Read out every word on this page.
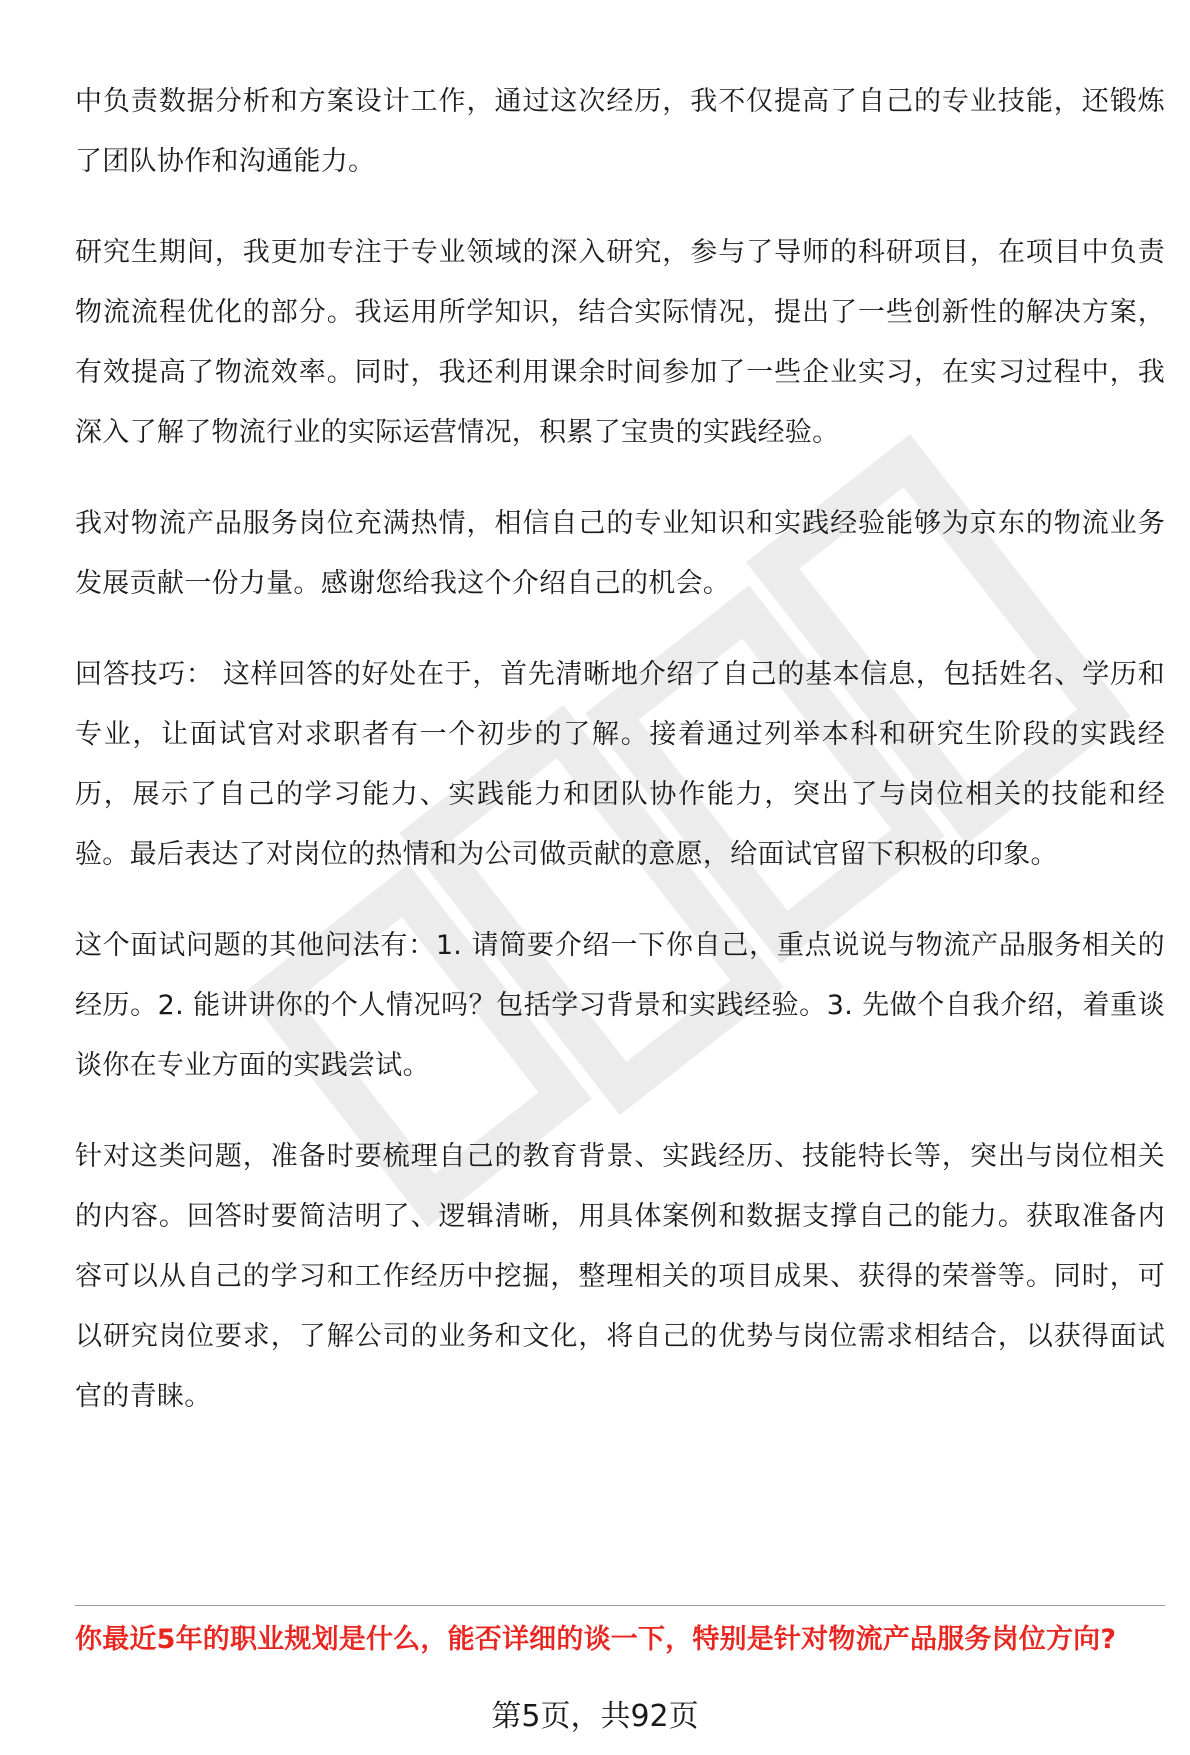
中负责数据分析和方案设计工作，通过这次经历，我不仅提高了自己的专业技能，还锻炼了团队协作和沟通能力。

研究生期间，我更加专注于专业领域的深入研究，参与了导师的科研项目，在项目中负责物流流程优化的部分。我运用所学知识，结合实际情况，提出了一些创新性的解决方案，有效提高了物流效率。同时，我还利用课余时间参加了一些企业实习，在实习过程中，我深入了解了物流行业的实际运营情况，积累了宝贵的实践经验。

我对物流产品服务岗位充满热情，相信自己的专业知识和实践经验能够为京东的物流业务发展贡献一份力量。感谢您给我这个介绍自己的机会。

回答技巧： 这样回答的好处在于，首先清晰地介绍了自己的基本信息，包括姓名、学历和专业，让面试官对求职者有一个初步的了解。接着通过列举本科和研究生阶段的实践经历，展示了自己的学习能力、实践能力和团队协作能力，突出了与岗位相关的技能和经验。最后表达了对岗位的热情和为公司做贡献的意愿，给面试官留下积极的印象。

这个面试问题的其他问法有：1. 请简要介绍一下你自己，重点说说与物流产品服务相关的经历。2. 能讲讲你的个人情况吗？包括学习背景和实践经验。3. 先做个自我介绍，着重谈谈你在专业方面的实践尝试。

针对这类问题，准备时要梳理自己的教育背景、实践经历、技能特长等，突出与岗位相关的内容。回答时要简洁明了、逻辑清晰，用具体案例和数据支撑自己的能力。获取准备内容可以从自己的学习和工作经历中挖掘，整理相关的项目成果、获得的荣誉等。同时，可以研究岗位要求，了解公司的业务和文化，将自己的优势与岗位需求相结合，以获得面试官的青睐。

你最近5年的职业规划是什么，能否详细的谈一下，特别是针对物流产品服务岗位方向?
第5页，共92页
